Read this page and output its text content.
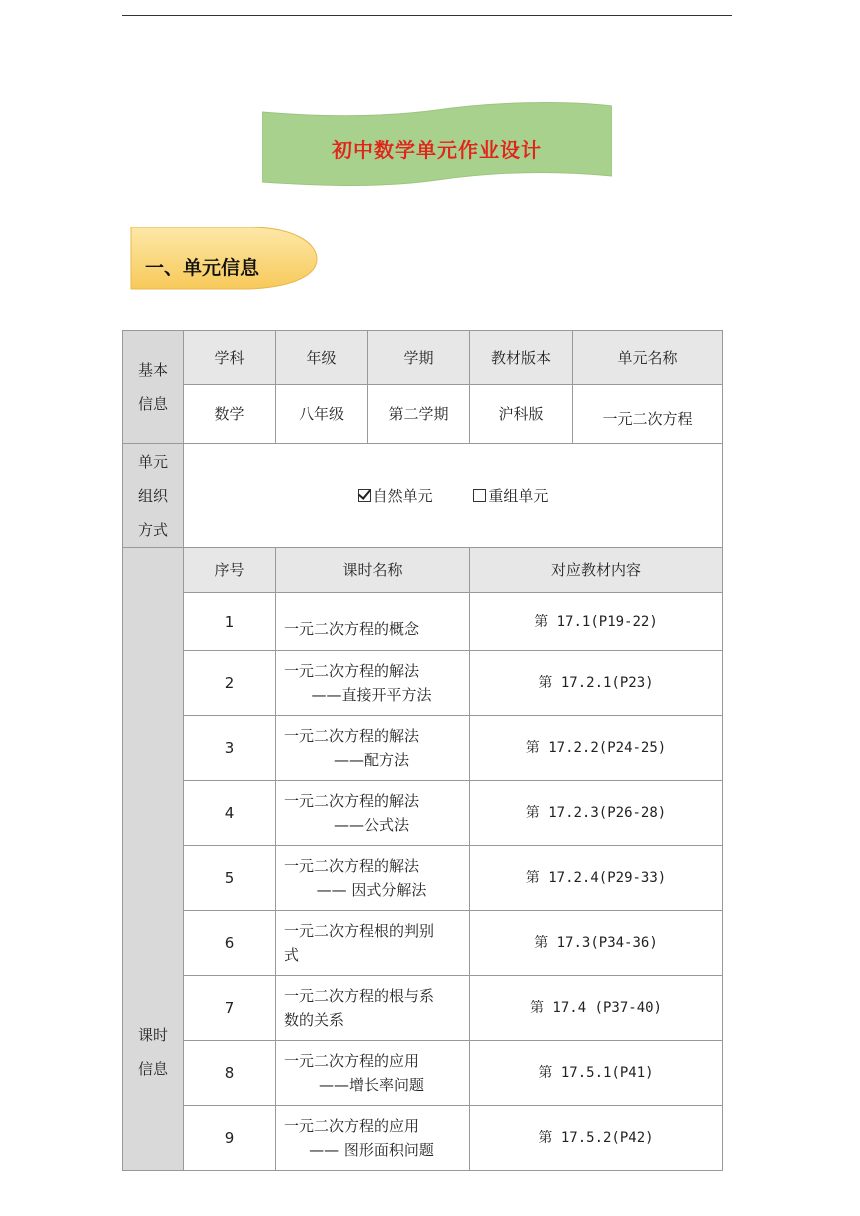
初中数学单元作业设计
一、单元信息
基本
信息	学科	年级	学期	教材版本	单元名称
	数学	八年级	第二学期	沪科版	一元二次方程

单元
组织
方式	自然单元 重组单元				

课时
信息	序号	课时名称		对应教材内容	
	1	一元二次方程的概念		第 17.1(P19-22)	
	2	一元二次方程的解法
——直接开平方法		第 17.2.1(P23)	
	3	一元二次方程的解法
——配方法		第 17.2.2(P24-25)	
	4	一元二次方程的解法
——公式法		第 17.2.3(P26-28)	
	5	一元二次方程的解法
—— 因式分解法		第 17.2.4(P29-33)	
	6	一元二次方程根的判别
式		第 17.3(P34-36)	
	7	一元二次方程的根与系
数的关系		第 17.4 (P37-40)	
	8	一元二次方程的应用
——增长率问题		第 17.5.1(P41)	
	9	一元二次方程的应用
—— 图形面积问题		第 17.5.2(P42)	
